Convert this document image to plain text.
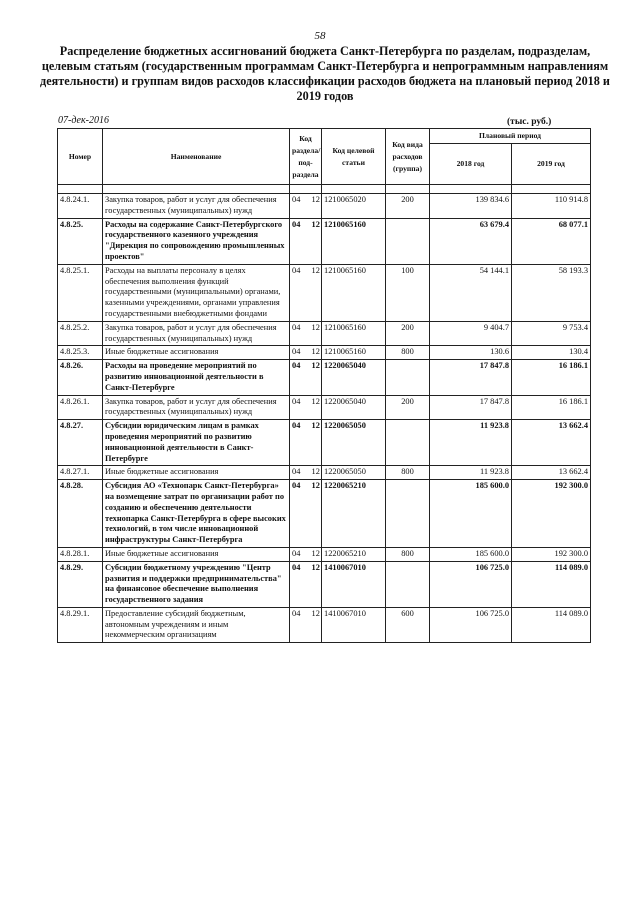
58
Распределение бюджетных ассигнований бюджета Санкт-Петербурга по разделам, подразделам, целевым статьям (государственным программам Санкт-Петербурга и непрограммным направлениям деятельности) и группам видов расходов классификации расходов бюджета на плановый период 2018 и 2019 годов
07-дек-2016	(тыс. руб.)
Номер	Наименование	Код раздела/ под- раздела		Код целевой статьи	Код вида расходов (группа)	Плановый период	
						2018 год	2019 год

4.8.24.1.	Закупка товаров, работ и услуг для обеспечения государственных (муниципальных) нужд	04	12	1210065020	200	139 834.6	110 914.8
4.8.25.	Расходы на содержание Санкт-Петербургского государственного казенного учреждения "Дирекция по сопровождению промышленных проектов"	04	12	1210065160		63 679.4	68 077.1
4.8.25.1.	Расходы на выплаты персоналу в целях обеспечения выполнения функций государственными (муниципальными) органами, казенными учреждениями, органами управления государственными внебюджетными фондами	04	12	1210065160	100	54 144.1	58 193.3
4.8.25.2.	Закупка товаров, работ и услуг для обеспечения государственных (муниципальных) нужд	04	12	1210065160	200	9 404.7	9 753.4
4.8.25.3.	Иные бюджетные ассигнования	04	12	1210065160	800	130.6	130.4
4.8.26.	Расходы на проведение мероприятий по развитию инновационной деятельности в Санкт-Петербурге	04	12	1220065040		17 847.8	16 186.1
4.8.26.1.	Закупка товаров, работ и услуг для обеспечения государственных (муниципальных) нужд	04	12	1220065040	200	17 847.8	16 186.1
4.8.27.	Субсидии юридическим лицам в рамках проведения мероприятий по развитию инновационной деятельности в Санкт-Петербурге	04	12	1220065050		11 923.8	13 662.4
4.8.27.1.	Иные бюджетные ассигнования	04	12	1220065050	800	11 923.8	13 662.4
4.8.28.	Субсидия АО «Технопарк Санкт-Петербурга» на возмещение затрат по организации работ по созданию и обеспечению деятельности технопарка Санкт-Петербурга в сфере высоких технологий, в том числе инновационной инфраструктуры Санкт-Петербурга	04	12	1220065210		185 600.0	192 300.0
4.8.28.1.	Иные бюджетные ассигнования	04	12	1220065210	800	185 600.0	192 300.0
4.8.29.	Субсидии бюджетному учреждению "Центр развития и поддержки предпринимательства" на финансовое обеспечение выполнения государственного задания	04	12	1410067010		106 725.0	114 089.0
4.8.29.1.	Предоставление субсидий бюджетным, автономным учреждениям и иным некоммерческим организациям	04	12	1410067010	600	106 725.0	114 089.0
